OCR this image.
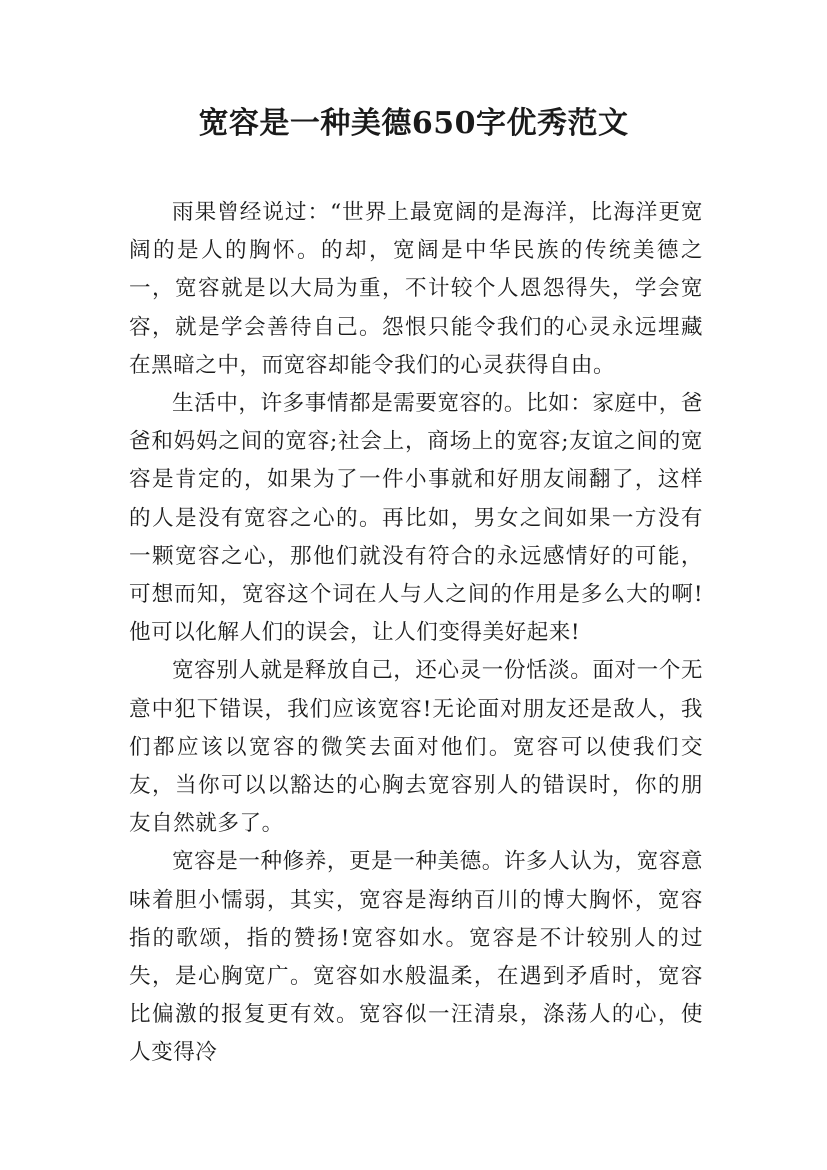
宽容是一种美德650字优秀范文

雨果曾经说过：“世界上最宽阔的是海洋，比海洋更宽阔的是人的胸怀。的却，宽阔是中华民族的传统美德之一，宽容就是以大局为重，不计较个人恩怨得失，学会宽容，就是学会善待自己。怨恨只能令我们的心灵永远埋藏在黑暗之中，而宽容却能令我们的心灵获得自由。

生活中，许多事情都是需要宽容的。比如：家庭中，爸爸和妈妈之间的宽容;社会上，商场上的宽容;友谊之间的宽容是肯定的，如果为了一件小事就和好朋友闹翻了，这样的人是没有宽容之心的。再比如，男女之间如果一方没有一颗宽容之心，那他们就没有符合的永远感情好的可能，可想而知，宽容这个词在人与人之间的作用是多么大的啊!他可以化解人们的误会，让人们变得美好起来!

宽容别人就是释放自己，还心灵一份恬淡。面对一个无意中犯下错误，我们应该宽容!无论面对朋友还是敌人，我们都应该以宽容的微笑去面对他们。宽容可以使我们交友，当你可以以豁达的心胸去宽容别人的错误时，你的朋友自然就多了。

宽容是一种修养，更是一种美德。许多人认为，宽容意味着胆小懦弱，其实，宽容是海纳百川的博大胸怀，宽容指的歌颂，指的赞扬!宽容如水。宽容是不计较别人的过失，是心胸宽广。宽容如水般温柔，在遇到矛盾时，宽容比偏激的报复更有效。宽容似一汪清泉，涤荡人的心，使人变得冷
